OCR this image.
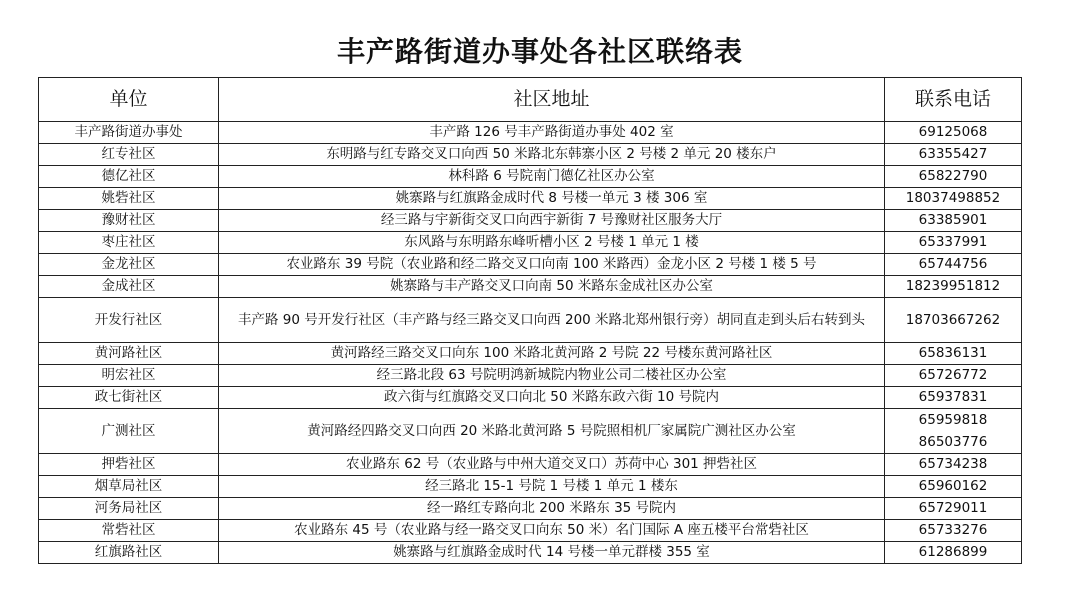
丰产路街道办事处各社区联络表
单位	社区地址	联系电话
丰产路街道办事处	丰产路 126 号丰产路街道办事处 402 室	69125068
红专社区	东明路与红专路交叉口向西 50 米路北东韩寨小区 2 号楼 2 单元 20 楼东户	63355427
德亿社区	林科路 6 号院南门德亿社区办公室	65822790
姚砦社区	姚寨路与红旗路金成时代 8 号楼一单元 3 楼 306 室	18037498852
豫财社区	经三路与宇新街交叉口向西宇新街 7 号豫财社区服务大厅	63385901
枣庄社区	东风路与东明路东峰听槽小区 2 号楼 1 单元 1 楼	65337991
金龙社区	农业路东 39 号院（农业路和经二路交叉口向南 100 米路西）金龙小区 2 号楼 1 楼 5 号	65744756
金成社区	姚寨路与丰产路交叉口向南 50 米路东金成社区办公室	18239951812
开发行社区	丰产路 90 号开发行社区（丰产路与经三路交叉口向西 200 米路北郑州银行旁）胡同直走到头后右转到头	18703667262
黄河路社区	黄河路经三路交叉口向东 100 米路北黄河路 2 号院 22 号楼东黄河路社区	65836131
明宏社区	经三路北段 63 号院明鸿新城院内物业公司二楼社区办公室	65726772
政七街社区	政六街与红旗路交叉口向北 50 米路东政六街 10 号院内	65937831
广测社区	黄河路经四路交叉口向西 20 米路北黄河路 5 号院照相机厂家属院广测社区办公室	65959818
86503776

押砦社区	农业路东 62 号（农业路与中州大道交叉口）苏荷中心 301 押砦社区	65734238
烟草局社区	经三路北 15-1 号院 1 号楼 1 单元 1 楼东	65960162
河务局社区	经一路红专路向北 200 米路东 35 号院内	65729011
常砦社区	农业路东 45 号（农业路与经一路交叉口向东 50 米）名门国际 A 座五楼平台常砦社区	65733276
红旗路社区	姚寨路与红旗路金成时代 14 号楼一单元群楼 355 室	61286899
